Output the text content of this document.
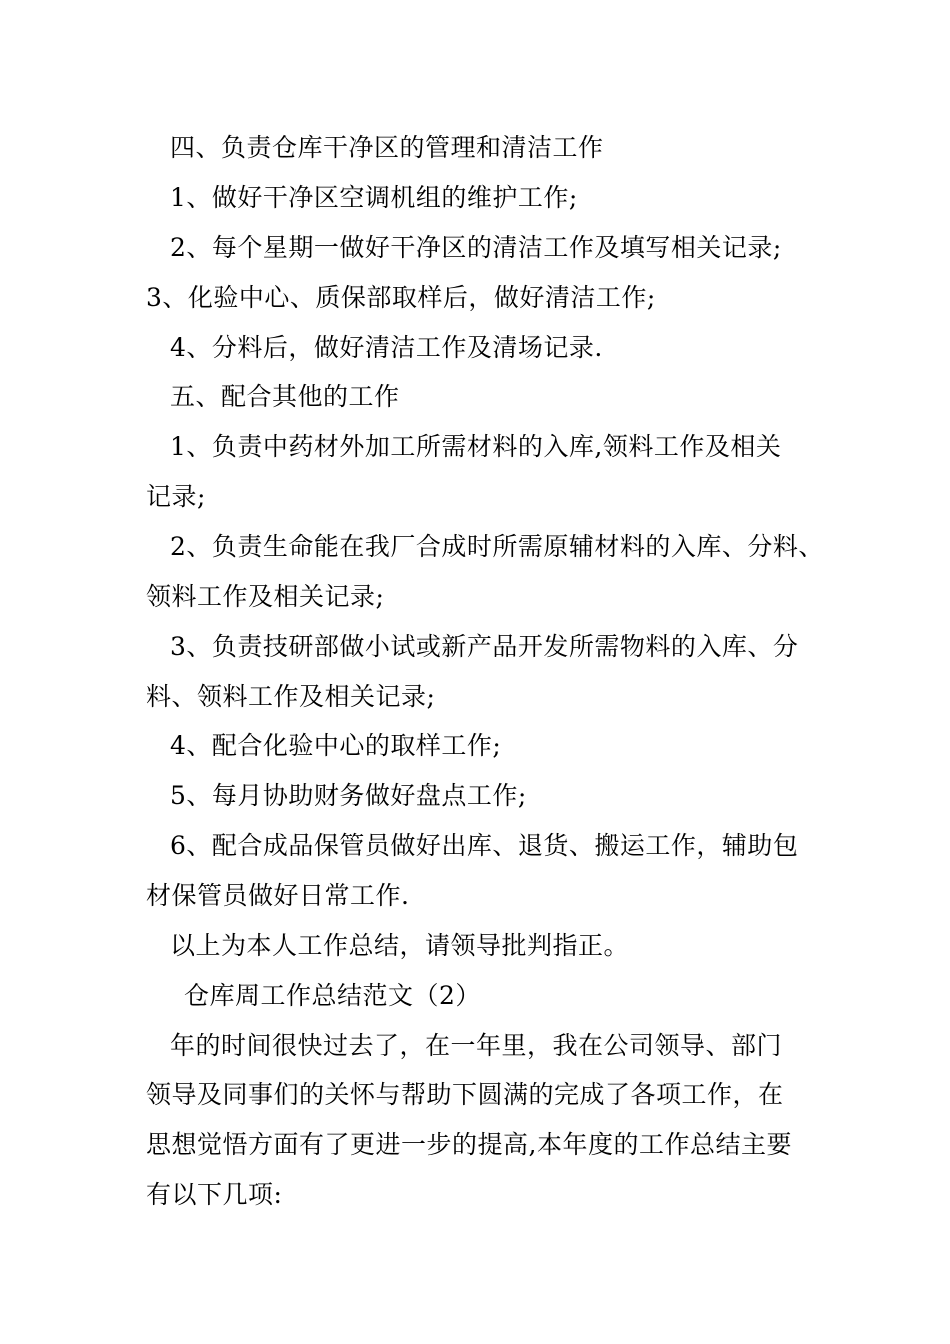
四、负责仓库干净区的管理和清洁工作
1、做好干净区空调机组的维护工作;
2、每个星期一做好干净区的清洁工作及填写相关记录;
3、化验中心、质保部取样后，做好清洁工作;
4、分料后，做好清洁工作及清场记录.
五、配合其他的工作
1、负责中药材外加工所需材料的入库,领料工作及相关
记录;
2、负责生命能在我厂合成时所需原辅材料的入库、分料、
领料工作及相关记录;
3、负责技研部做小试或新产品开发所需物料的入库、分
料、领料工作及相关记录;
4、配合化验中心的取样工作;
5、每月协助财务做好盘点工作;
6、配合成品保管员做好出库、退货、搬运工作，辅助包
材保管员做好日常工作.
以上为本人工作总结，请领导批判指正。
仓库周工作总结范文（2）
年的时间很快过去了，在一年里，我在公司领导、部门
领导及同事们的关怀与帮助下圆满的完成了各项工作，在
思想觉悟方面有了更进一步的提高,本年度的工作总结主要
有以下几项:
